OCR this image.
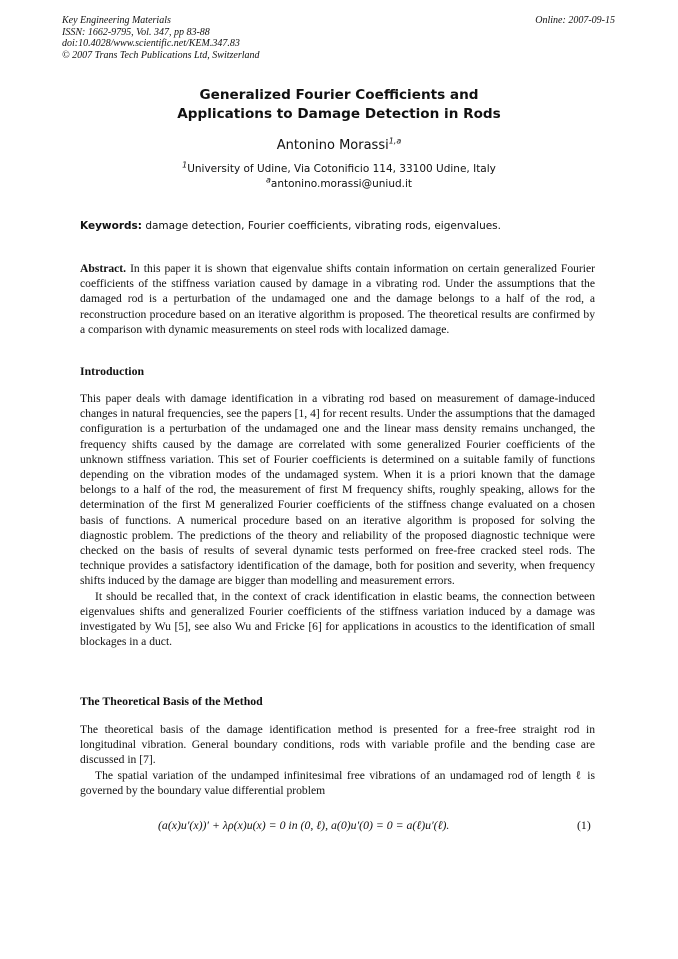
Key Engineering Materials
ISSN: 1662-9795, Vol. 347, pp 83-88
doi:10.4028/www.scientific.net/KEM.347.83
© 2007 Trans Tech Publications Ltd, Switzerland
Online: 2007-09-15
Generalized Fourier Coefficients and
Applications to Damage Detection in Rods
Antonino Morassi$^{1,a}$
$^1$University of Udine, Via Cotonificio 114, 33100 Udine, Italy
$^a$antonino.morassi@uniud.it
Keywords: damage detection, Fourier coefficients, vibrating rods, eigenvalues.

Abstract. In this paper it is shown that eigenvalue shifts contain information on certain generalized Fourier coefficients of the stiffness variation caused by damage in a vibrating rod. Under the assumptions that the damaged rod is a perturbation of the undamaged one and the damage belongs to a half of the rod, a reconstruction procedure based on an iterative algorithm is proposed. The theoretical results are confirmed by a comparison with dynamic measurements on steel rods with localized damage.

Introduction

This paper deals with damage identification in a vibrating rod based on measurement of damage-induced changes in natural frequencies, see the papers [1, 4] for recent results. Under the assumptions that the damaged configuration is a perturbation of the undamaged one and the linear mass density remains unchanged, the frequency shifts caused by the damage are correlated with some generalized Fourier coefficients of the unknown stiffness variation. This set of Fourier coefficients is determined on a suitable family of functions depending on the vibration modes of the undamaged system. When it is a priori known that the damage belongs to a half of the rod, the measurement of first M frequency shifts, roughly speaking, allows for the determination of the first M generalized Fourier coefficients of the stiffness change evaluated on a chosen basis of functions. A numerical procedure based on an iterative algorithm is proposed for solving the diagnostic problem. The predictions of the theory and reliability of the proposed diagnostic technique were checked on the basis of results of several dynamic tests performed on free-free cracked steel rods. The technique provides a satisfactory identification of the damage, both for position and severity, when frequency shifts induced by the damage are bigger than modelling and measurement errors.

It should be recalled that, in the context of crack identification in elastic beams, the connection between eigenvalues shifts and generalized Fourier coefficients of the stiffness variation induced by a damage was investigated by Wu [5], see also Wu and Fricke [6] for applications in acoustics to the identification of small blockages in a duct.

The Theoretical Basis of the Method

The theoretical basis of the damage identification method is presented for a free-free straight rod in longitudinal vibration. General boundary conditions, rods with variable profile and the bending case are discussed in [7].

The spatial variation of the undamped infinitesimal free vibrations of an undamaged rod of length ℓ is governed by the boundary value differential problem

(a(x)u′(x))′ + λρ(x)u(x) = 0 in (0, ℓ), a(0)u′(0) = 0 = a(ℓ)u′(ℓ).	(1)
